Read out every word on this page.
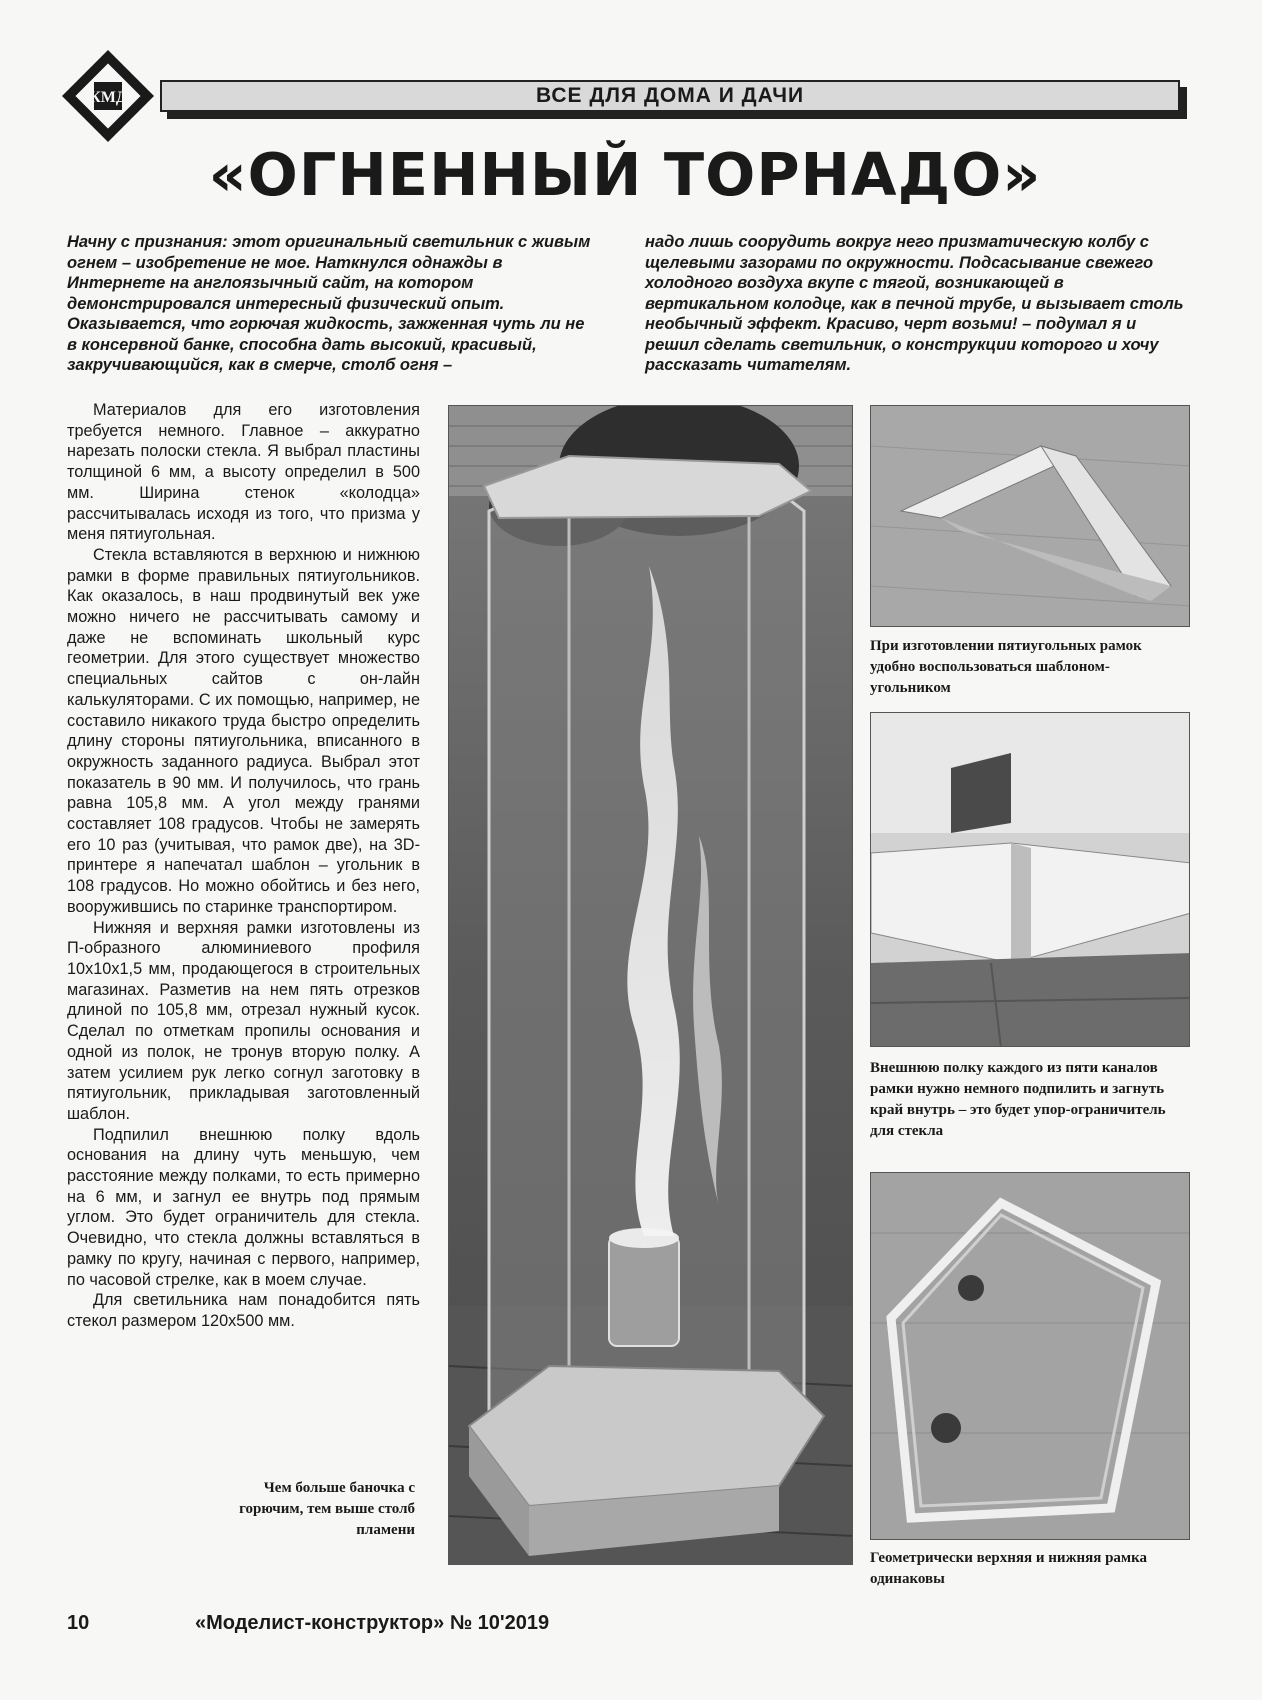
КМД	ВСЕ ДЛЯ ДОМА И ДАЧИ
«ОГНЕННЫЙ ТОРНАДО»
Начну с признания: этот оригинальный светильник с живым огнем – изобретение не мое. Наткнулся однажды в Интернете на англоязычный сайт, на котором демонстрировался интересный физический опыт. Оказывается, что горючая жидкость, зажженная чуть ли не в консервной банке, способна дать высокий, красивый, закручивающийся, как в смерче, столб огня –
надо лишь соорудить вокруг него призматическую колбу с щелевыми зазорами по окружности. Подсасывание свежего холодного воздуха вкупе с тягой, возникающей в вертикальном колодце, как в печной трубе, и вызывает столь необычный эффект. Красиво, черт возьми! – подумал я и решил сделать светильник, о конструкции которого и хочу рассказать читателям.

Материалов для его изготовления требуется немного. Главное – аккуратно нарезать полоски стекла. Я выбрал пластины толщиной 6 мм, а высоту определил в 500 мм. Ширина стенок «колодца» рассчитывалась исходя из того, что призма у меня пятиугольная.

Стекла вставляются в верхнюю и нижнюю рамки в форме правильных пятиугольников. Как оказалось, в наш продвинутый век уже можно ничего не рассчитывать самому и даже не вспоминать школьный курс геометрии. Для этого существует множество специальных сайтов с он-лайн калькуляторами. С их помощью, например, не составило никакого труда быстро определить длину стороны пятиугольника, вписанного в окружность заданного радиуса. Выбрал этот показатель в 90 мм. И получилось, что грань равна 105,8 мм. А угол между гранями составляет 108 градусов. Чтобы не замерять его 10 раз (учитывая, что рамок две), на 3D-принтере я напечатал шаблон – угольник в 108 градусов. Но можно обойтись и без него, вооружившись по старинке транспортиром.

Нижняя и верхняя рамки изготовлены из П-образного алюминиевого профиля 10х10х1,5 мм, продающегося в строительных магазинах. Разметив на нем пять отрезков длиной по 105,8 мм, отрезал нужный кусок. Сделал по отметкам пропилы основания и одной из полок, не тронув вторую полку. А затем усилием рук легко согнул заготовку в пятиугольник, прикладывая заготовленный шаблон.

Подпилил внешнюю полку вдоль основания на длину чуть меньшую, чем расстояние между полками, то есть примерно на 6 мм, и загнул ее внутрь под прямым углом. Это будет ограничитель для стекла. Очевидно, что стекла должны вставляться в рамку по кругу, начиная с первого, например, по часовой стрелке, как в моем случае.

Для светильника нам понадобится пять стекол размером 120х500 мм.

Чем больше баночка с горючим, тем выше столб пламени
При изготовлении пятиугольных рамок удобно воспользоваться шаблоном-угольником
Внешнюю полку каждого из пяти каналов рамки нужно немного подпилить и загнуть край внутрь – это будет упор-ограничитель для стекла
Геометрически верхняя и нижняя рамка одинаковы
10	«Моделист-конструктор» № 10'2019
